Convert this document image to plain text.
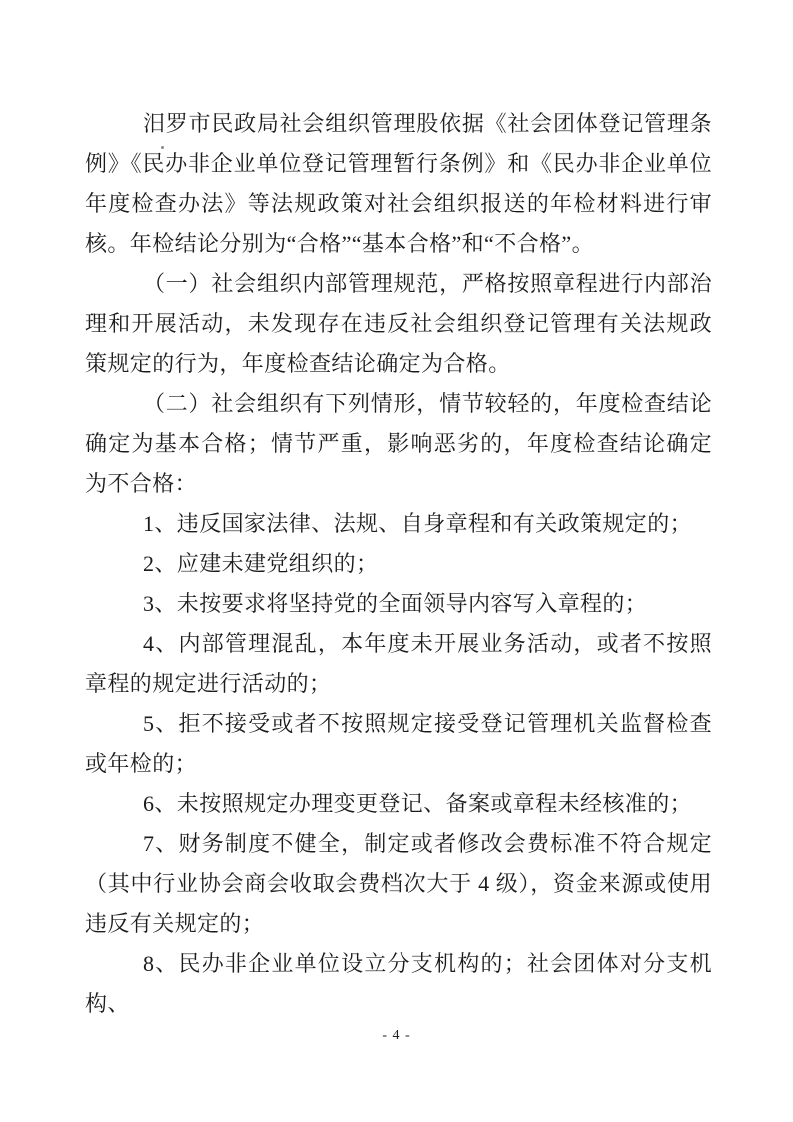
汨罗市民政局社会组织管理股依据《社会团体登记管理条例》《民办非企业单位登记管理暂行条例》和《民办非企业单位年度检查办法》等法规政策对社会组织报送的年检材料进行审核。年检结论分别为“合格”“基本合格”和“不合格”。

（一）社会组织内部管理规范，严格按照章程进行内部治理和开展活动，未发现存在违反社会组织登记管理有关法规政策规定的行为，年度检查结论确定为合格。

（二）社会组织有下列情形，情节较轻的，年度检查结论确定为基本合格；情节严重，影响恶劣的，年度检查结论确定为不合格：

1、违反国家法律、法规、自身章程和有关政策规定的；

2、应建未建党组织的；

3、未按要求将坚持党的全面领导内容写入章程的；

4、内部管理混乱，本年度未开展业务活动，或者不按照章程的规定进行活动的；

5、拒不接受或者不按照规定接受登记管理机关监督检查或年检的；

6、未按照规定办理变更登记、备案或章程未经核准的；

7、财务制度不健全，制定或者修改会费标准不符合规定（其中行业协会商会收取会费档次大于 4 级），资金来源或使用违反有关规定的；

8、民办非企业单位设立分支机构的；社会团体对分支机构、

- 4 -
